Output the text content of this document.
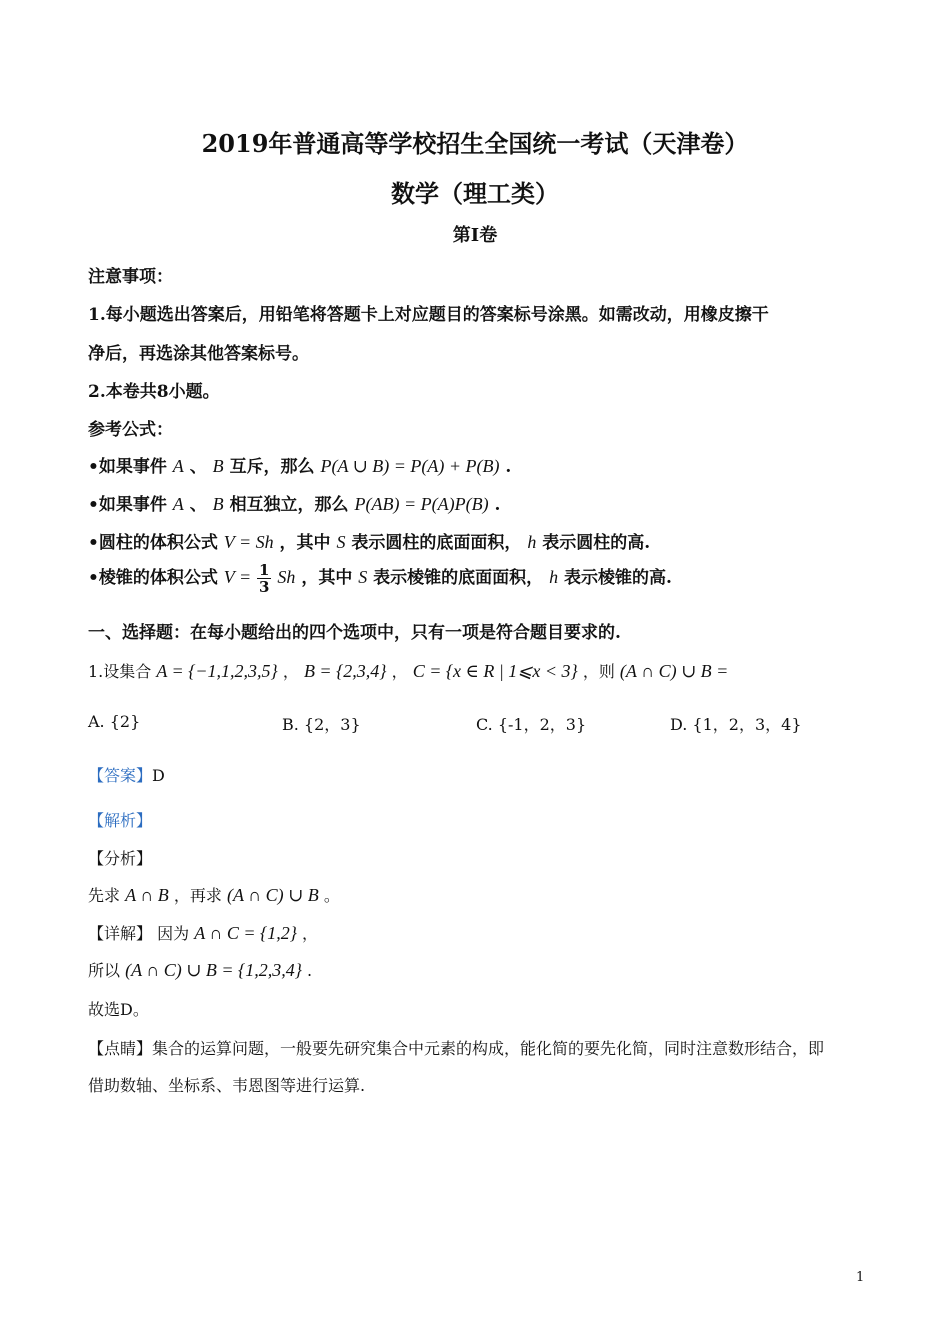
2019年普通高等学校招生全国统一考试（天津卷）
数学（理工类）
第Ⅰ卷
注意事项：
1.每小题选出答案后，用铅笔将答题卡上对应题目的答案标号涂黑。如需改动，用橡皮擦干
净后，再选涂其他答案标号。
2.本卷共8小题。
参考公式：
•如果事件 A 、 B 互斥，那么 P(A ∪ B) = P(A) + P(B) .
•如果事件 A 、 B 相互独立，那么 P(AB) = P(A)P(B) .
•圆柱的体积公式 V = Sh ，其中 S 表示圆柱的底面面积， h 表示圆柱的高.
•棱锥的体积公式 $V = \frac{1}{3}$ Sh ，其中 S 表示棱锥的底面面积， h 表示棱锥的高.
一、选择题：在每小题给出的四个选项中，只有一项是符合题目要求的.
1.设集合 A = {−1,1,2,3,5} ， B = {2,3,4} ， C = {x ∈ R | 1⩽x < 3} ，则 (A ∩ C) ∪ B =
A. {2}	B. {2，3}	C. {-1，2，3}	D. {1，2，3，4}
【答案】D
【解析】
【分析】
先求 A ∩ B ，再求 (A ∩ C) ∪ B 。
【详解】 因为 A ∩ C = {1,2} ，
所以 (A ∩ C) ∪ B = {1,2,3,4} .
故选D。
【点睛】集合的运算问题，一般要先研究集合中元素的构成，能化简的要先化简，同时注意数形结合，即
借助数轴、坐标系、韦恩图等进行运算.
1
